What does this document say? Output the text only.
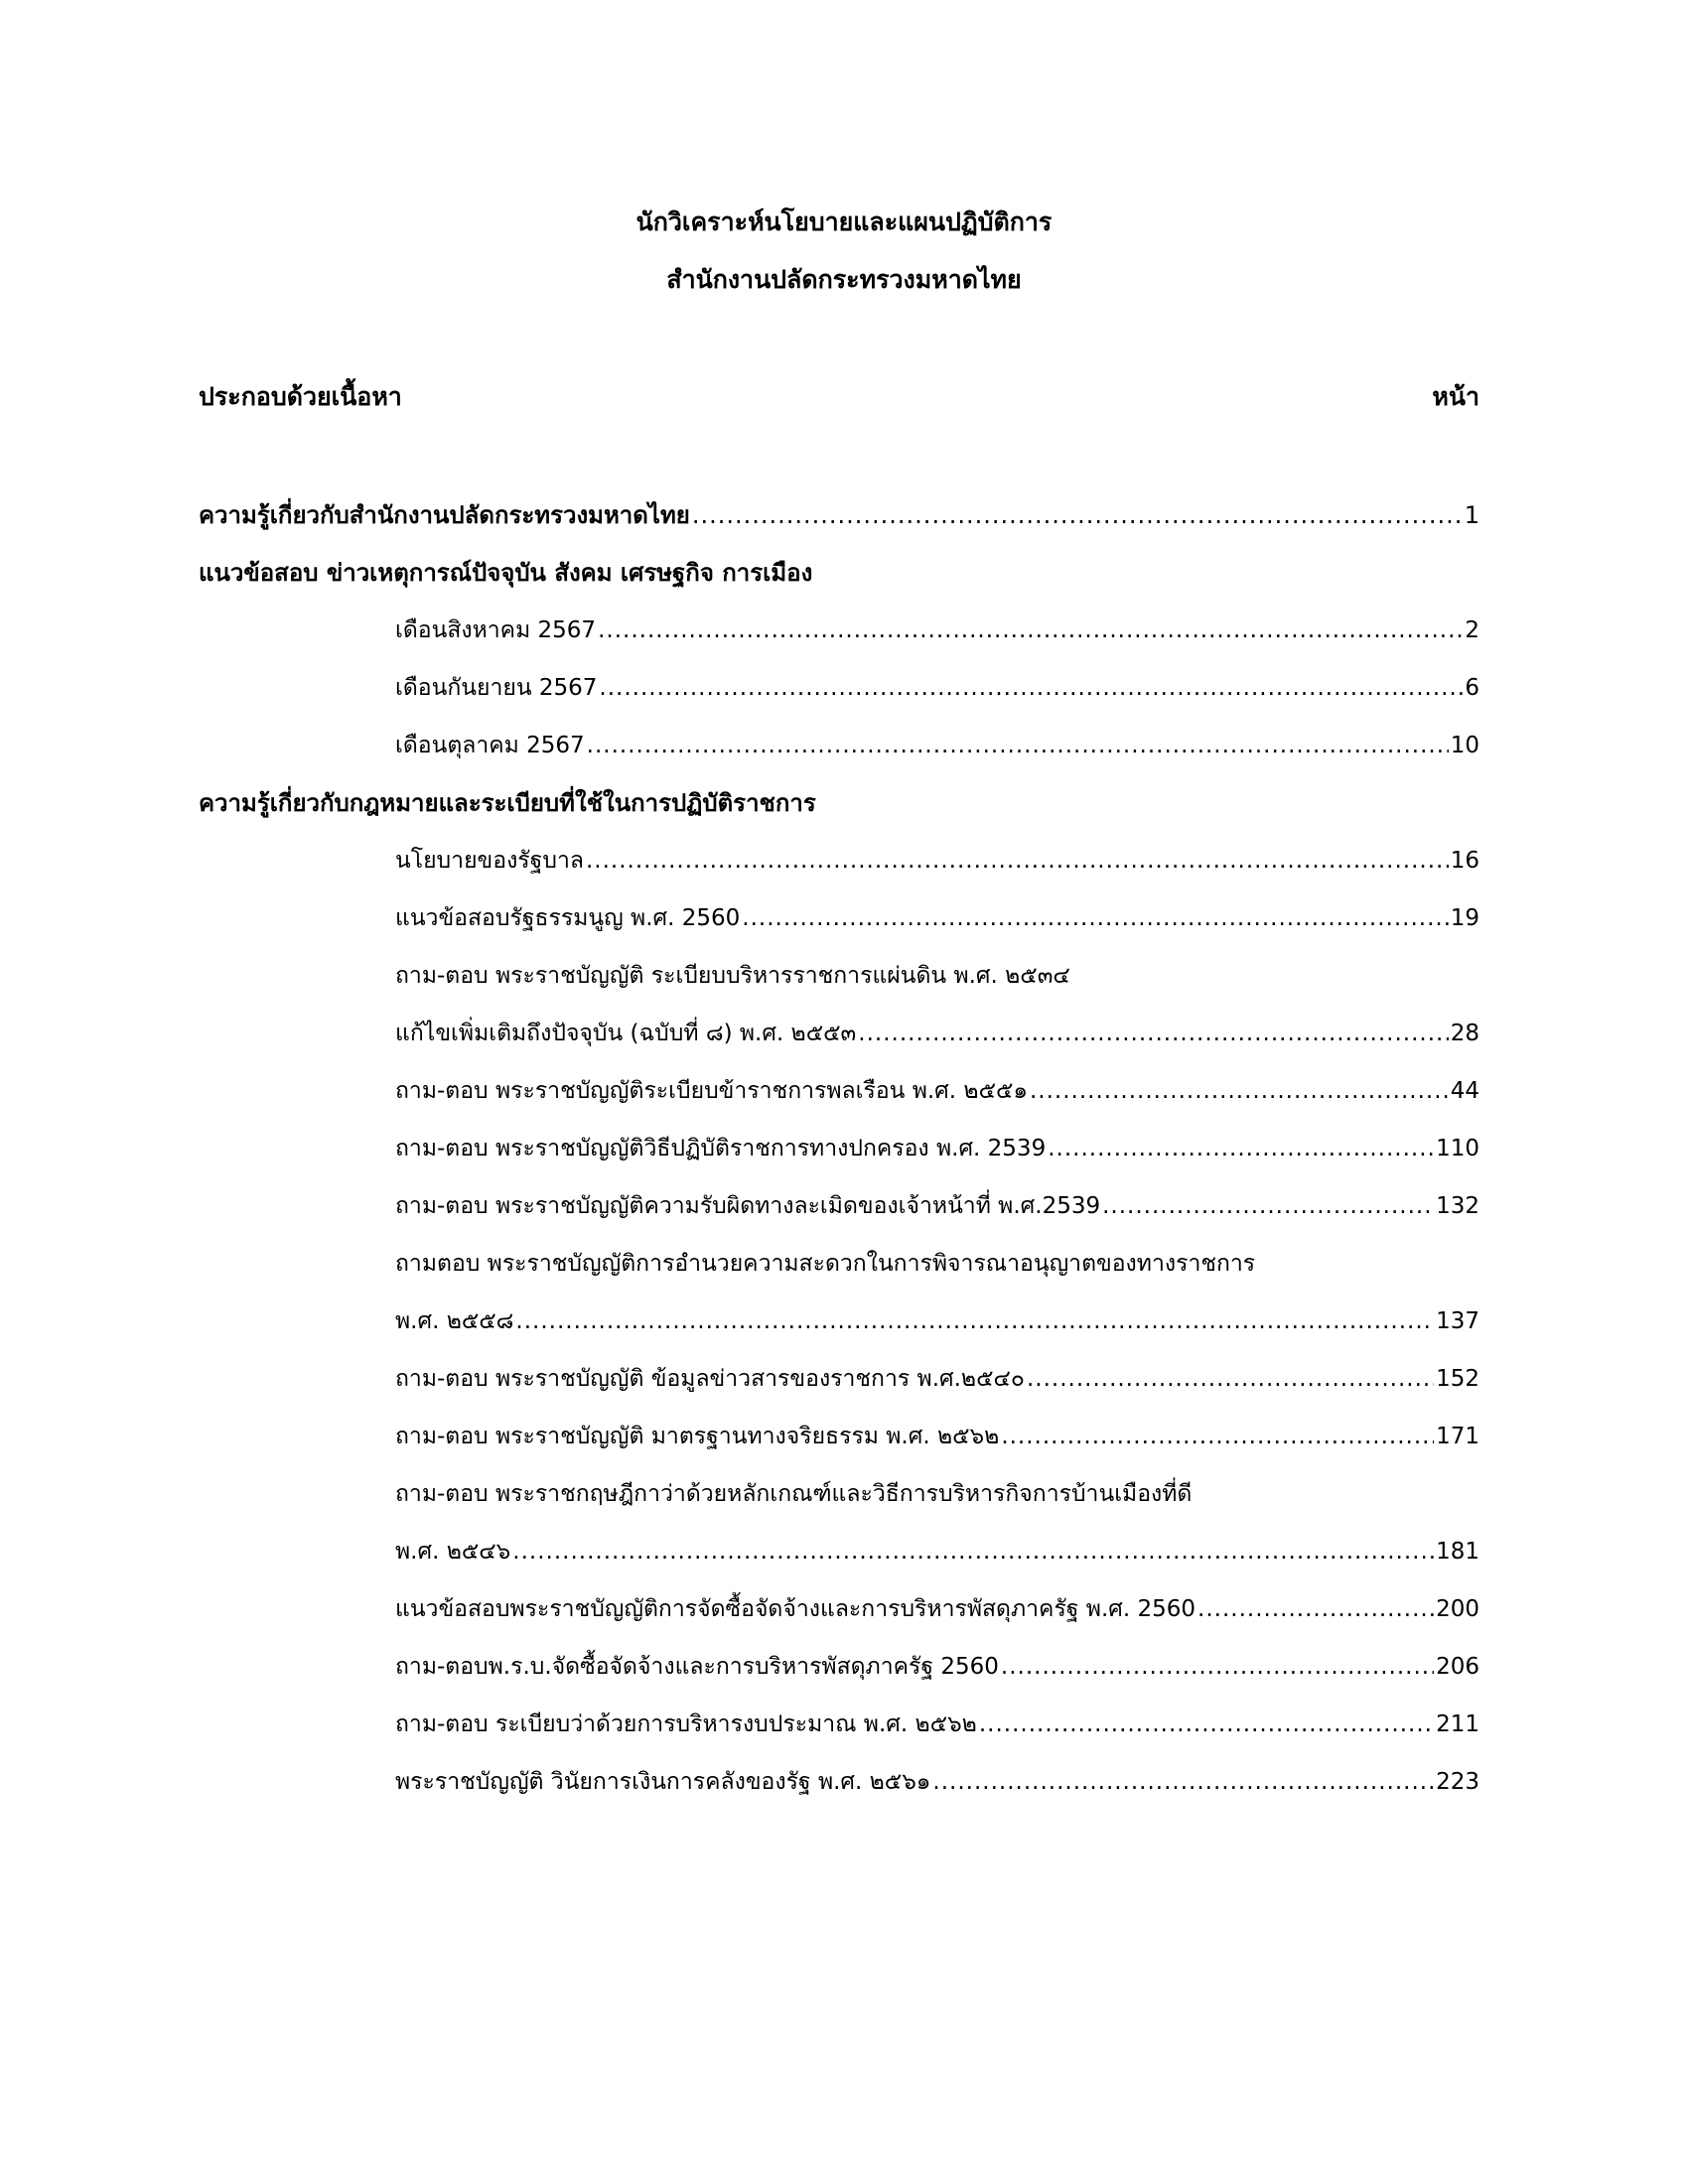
นักวิเคราะห์นโยบายและแผนปฏิบัติการ
สำนักงานปลัดกระทรวงมหาดไทย
ประกอบด้วยเนื้อหา	หน้า
ความรู้เกี่ยวกับสำนักงานปลัดกระทรวงมหาดไทย .....	1
แนวข้อสอบ ข่าวเหตุการณ์ปัจจุบัน สังคม เศรษฐกิจ การเมือง
เดือนสิงหาคม 2567 .....	2
เดือนกันยายน 2567 .....	6
เดือนตุลาคม 2567 .....	10
ความรู้เกี่ยวกับกฎหมายและระเบียบที่ใช้ในการปฏิบัติราชการ
นโยบายของรัฐบาล .....	16
แนวข้อสอบรัฐธรรมนูญ พ.ศ. 2560 .....	19
ถาม-ตอบ พระราชบัญญัติ ระเบียบบริหารราชการแผ่นดิน พ.ศ. ๒๕๓๔
แก้ไขเพิ่มเติมถึงปัจจุบัน (ฉบับที่ ๘) พ.ศ. ๒๕๕๓ .....	28
ถาม-ตอบ พระราชบัญญัติระเบียบข้าราชการพลเรือน พ.ศ. ๒๕๕๑ .....	44
ถาม-ตอบ พระราชบัญญัติวิธีปฏิบัติราชการทางปกครอง พ.ศ. 2539 .....	110
ถาม-ตอบ พระราชบัญญัติความรับผิดทางละเมิดของเจ้าหน้าที่ พ.ศ.2539 .....	132
ถามตอบ พระราชบัญญัติการอำนวยความสะดวกในการพิจารณาอนุญาตของทางราชการ
พ.ศ. ๒๕๕๘ .....	137
ถาม-ตอบ พระราชบัญญัติ ข้อมูลข่าวสารของราชการ พ.ศ.๒๕๔๐ .....	152
ถาม-ตอบ พระราชบัญญัติ มาตรฐานทางจริยธรรม พ.ศ. ๒๕๖๒ .....	171
ถาม-ตอบ พระราชกฤษฎีกาว่าด้วยหลักเกณฑ์และวิธีการบริหารกิจการบ้านเมืองที่ดี
พ.ศ. ๒๕๔๖ .....	181
แนวข้อสอบพระราชบัญญัติการจัดซื้อจัดจ้างและการบริหารพัสดุภาครัฐ พ.ศ. 2560 .....	200
ถาม-ตอบพ.ร.บ.จัดซื้อจัดจ้างและการบริหารพัสดุภาครัฐ 2560 .....	206
ถาม-ตอบ ระเบียบว่าด้วยการบริหารงบประมาณ พ.ศ. ๒๕๖๒ .....	211
พระราชบัญญัติ วินัยการเงินการคลังของรัฐ พ.ศ. ๒๕๖๑ .....	223
